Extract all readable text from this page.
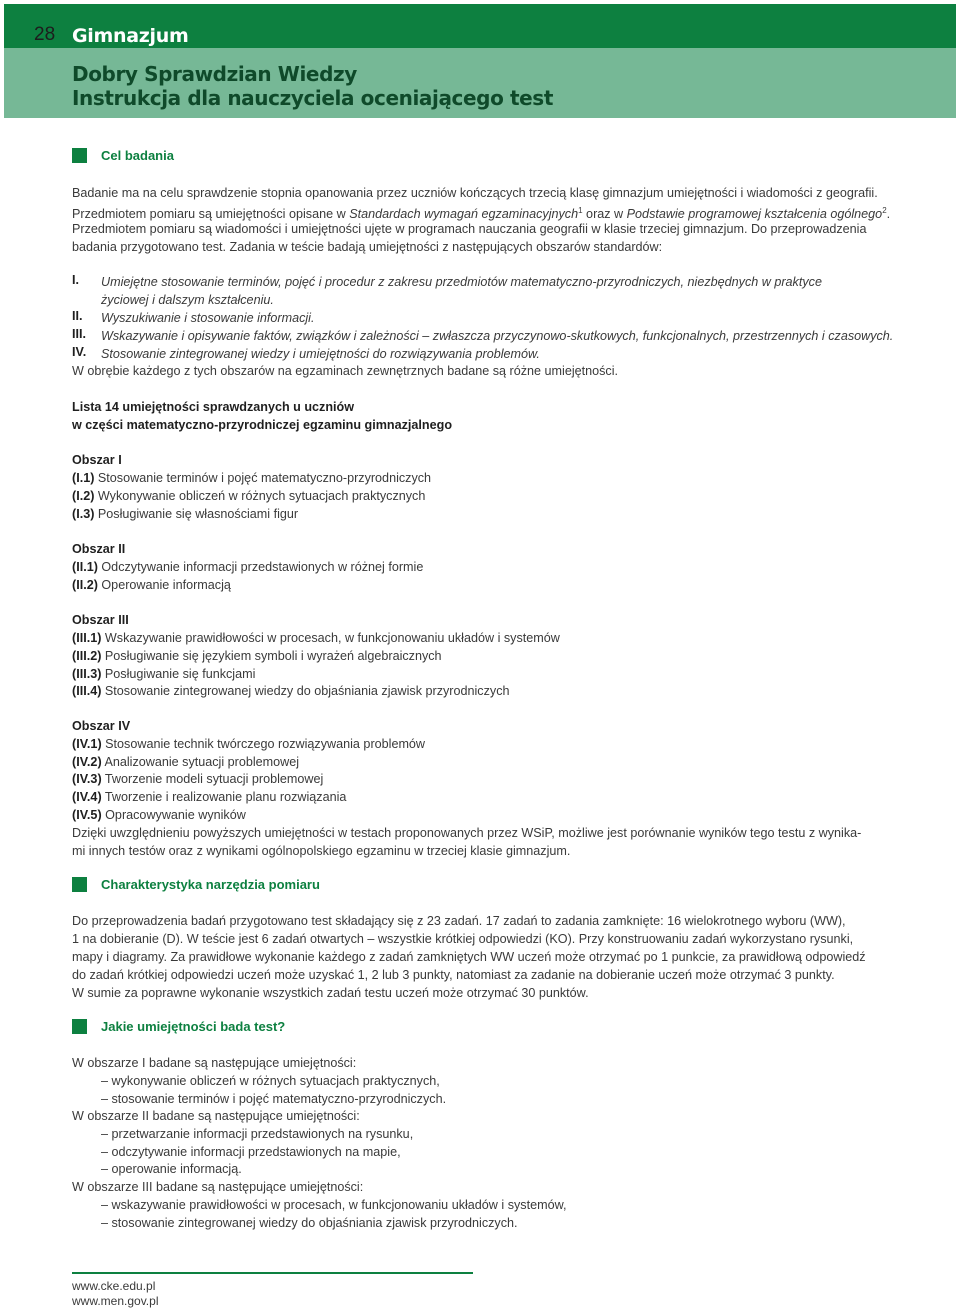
28 Gimnazjum
Dobry Sprawdzian Wiedzy
Instrukcja dla nauczyciela oceniającego test
Cel badania
Badanie ma na celu sprawdzenie stopnia opanowania przez uczniów kończących trzecią klasę gimnazjum umiejętności i wiadomości z geografii.
Przedmiotem pomiaru są umiejętności opisane w Standardach wymagań egzaminacyjnych$^1$ oraz w Podstawie programowej kształcenia ogólnego$^2$.
Przedmiotem pomiaru są wiadomości i umiejętności ujęte w programach nauczania geografii w klasie trzeciej gimnazjum. Do przeprowadzenia
badania przygotowano test. Zadania w teście badają umiejętności z następujących obszarów standardów:
I. Umiejętne stosowanie terminów, pojęć i procedur z zakresu przedmiotów matematyczno-przyrodniczych, niezbędnych w praktyce
życiowej i dalszym kształceniu.
II. Wyszukiwanie i stosowanie informacji.
III. Wskazywanie i opisywanie faktów, związków i zależności – zwłaszcza przyczynowo-skutkowych, funkcjonalnych, przestrzennych i czasowych.
IV. Stosowanie zintegrowanej wiedzy i umiejętności do rozwiązywania problemów.
W obrębie każdego z tych obszarów na egzaminach zewnętrznych badane są różne umiejętności.
Lista 14 umiejętności sprawdzanych u uczniów
w części matematyczno-przyrodniczej egzaminu gimnazjalnego
Obszar I
(I.1) Stosowanie terminów i pojęć matematyczno-przyrodniczych
(I.2) Wykonywanie obliczeń w różnych sytuacjach praktycznych
(I.3) Posługiwanie się własnościami figur
Obszar II
(II.1) Odczytywanie informacji przedstawionych w różnej formie
(II.2) Operowanie informacją
Obszar III
(III.1) Wskazywanie prawidłowości w procesach, w funkcjonowaniu układów i systemów
(III.2) Posługiwanie się językiem symboli i wyrażeń algebraicznych
(III.3) Posługiwanie się funkcjami
(III.4) Stosowanie zintegrowanej wiedzy do objaśniania zjawisk przyrodniczych
Obszar IV
(IV.1) Stosowanie technik twórczego rozwiązywania problemów
(IV.2) Analizowanie sytuacji problemowej
(IV.3) Tworzenie modeli sytuacji problemowej
(IV.4) Tworzenie i realizowanie planu rozwiązania
(IV.5) Opracowywanie wyników
Dzięki uwzględnieniu powyższych umiejętności w testach proponowanych przez WSiP, możliwe jest porównanie wyników tego testu z wynika-
mi innych testów oraz z wynikami ogólnopolskiego egzaminu w trzeciej klasie gimnazjum.
Charakterystyka narzędzia pomiaru
Do przeprowadzenia badań przygotowano test składający się z 23 zadań. 17 zadań to zadania zamknięte: 16 wielokrotnego wyboru (WW),
1 na dobieranie (D). W teście jest 6 zadań otwartych – wszystkie krótkiej odpowiedzi (KO). Przy konstruowaniu zadań wykorzystano rysunki,
mapy i diagramy. Za prawidłowe wykonanie każdego z zadań zamkniętych WW uczeń może otrzymać po 1 punkcie, za prawidłową odpowiedź
do zadań krótkiej odpowiedzi uczeń może uzyskać 1, 2 lub 3 punkty, natomiast za zadanie na dobieranie uczeń może otrzymać 3 punkty.
W sumie za poprawne wykonanie wszystkich zadań testu uczeń może otrzymać 30 punktów.
Jakie umiejętności bada test?
W obszarze I badane są następujące umiejętności:
– wykonywanie obliczeń w różnych sytuacjach praktycznych,
– stosowanie terminów i pojęć matematyczno-przyrodniczych.
W obszarze II badane są następujące umiejętności:
– przetwarzanie informacji przedstawionych na rysunku,
– odczytywanie informacji przedstawionych na mapie,
– operowanie informacją.
W obszarze III badane są następujące umiejętności:
– wskazywanie prawidłowości w procesach, w funkcjonowaniu układów i systemów,
– stosowanie zintegrowanej wiedzy do objaśniania zjawisk przyrodniczych.
www.cke.edu.pl
www.men.gov.pl
